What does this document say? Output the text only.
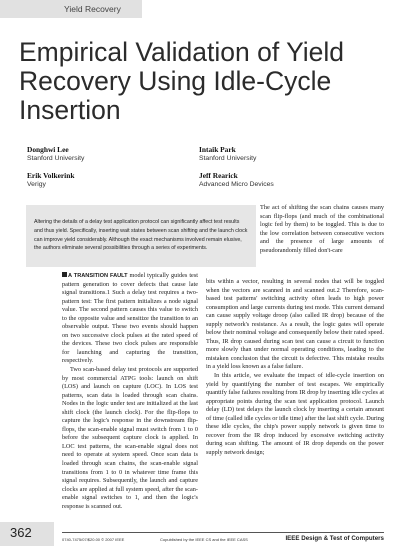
Yield Recovery
Empirical Validation of Yield Recovery Using Idle-Cycle Insertion
Donghwi Lee
Stanford University
Intaik Park
Stanford University
Erik Volkerink
Verigy
Jeff Rearick
Advanced Micro Devices
Altering the details of a delay test application protocol can significantly affect test results and thus yield. Specifically, inserting wait states between scan shifting and the launch clock can improve yield considerably. Although the exact mechanisms involved remain elusive, the authors eliminate several possibilities through a series of experiments.

The act of shifting the scan chains causes many scan flip-flops (and much of the combinational logic fed by them) to be toggled. This is due to the low correlation between consecutive vectors and the presence of large amounts of pseudorandomly filled don't-care

A TRANSITION FAULT model typically guides test pattern generation to cover defects that cause late signal transitions.1 Such a delay test requires a two-pattern test: The first pattern initializes a node signal value. The second pattern causes this value to switch to the opposite value and sensitize the transition to an observable output. These two events should happen on two successive clock pulses at the rated speed of the devices. These two clock pulses are responsible for launching and capturing the transition, respectively.

Two scan-based delay test protocols are supported by most commercial ATPG tools: launch on shift (LOS) and launch on capture (LOC). In LOS test patterns, scan data is loaded through scan chains. Nodes in the logic under test are initialized at the last shift clock (the launch clock). For the flip-flops to capture the logic's response in the downstream flip-flops, the scan-enable signal must switch from 1 to 0 before the subsequent capture clock is applied. In LOC test patterns, the scan-enable signal does not need to operate at system speed. Once scan data is loaded through scan chains, the scan-enable signal transitions from 1 to 0 in whatever time frame this signal requires. Subsequently, the launch and capture clocks are applied at full system speed, after the scan-enable signal switches to 1, and then the logic's response is scanned out.

bits within a vector, resulting in several nodes that will be toggled when the vectors are scanned in and scanned out.2 Therefore, scan-based test patterns' switching activity often leads to high power consumption and large currents during test mode. This current demand can cause supply voltage droop (also called IR drop) because of the supply network's resistance. As a result, the logic gates will operate below their nominal voltage and consequently below their rated speed. Thus, IR drop caused during scan test can cause a circuit to function more slowly than under normal operating conditions, leading to the mistaken conclusion that the circuit is defective. This mistake results in a yield loss known as a false failure.

In this article, we evaluate the impact of idle-cycle insertion on yield by quantifying the number of test escapes. We empirically quantify false failures resulting from IR drop by inserting idle cycles at appropriate points during the scan test application protocol. Launch delay (LD) test delays the launch clock by inserting a certain amount of time (called idle cycles or idle time) after the last shift cycle. During these idle cycles, the chip's power supply network is given time to recover from the IR drop induced by excessive switching activity during scan shifting. The amount of IR drop depends on the power supply network design;

362	0740-7475/07/$20.00 © 2007 IEEE	Copublished by the IEEE CS and the IEEE CASS	IEEE Design & Test of Computers
